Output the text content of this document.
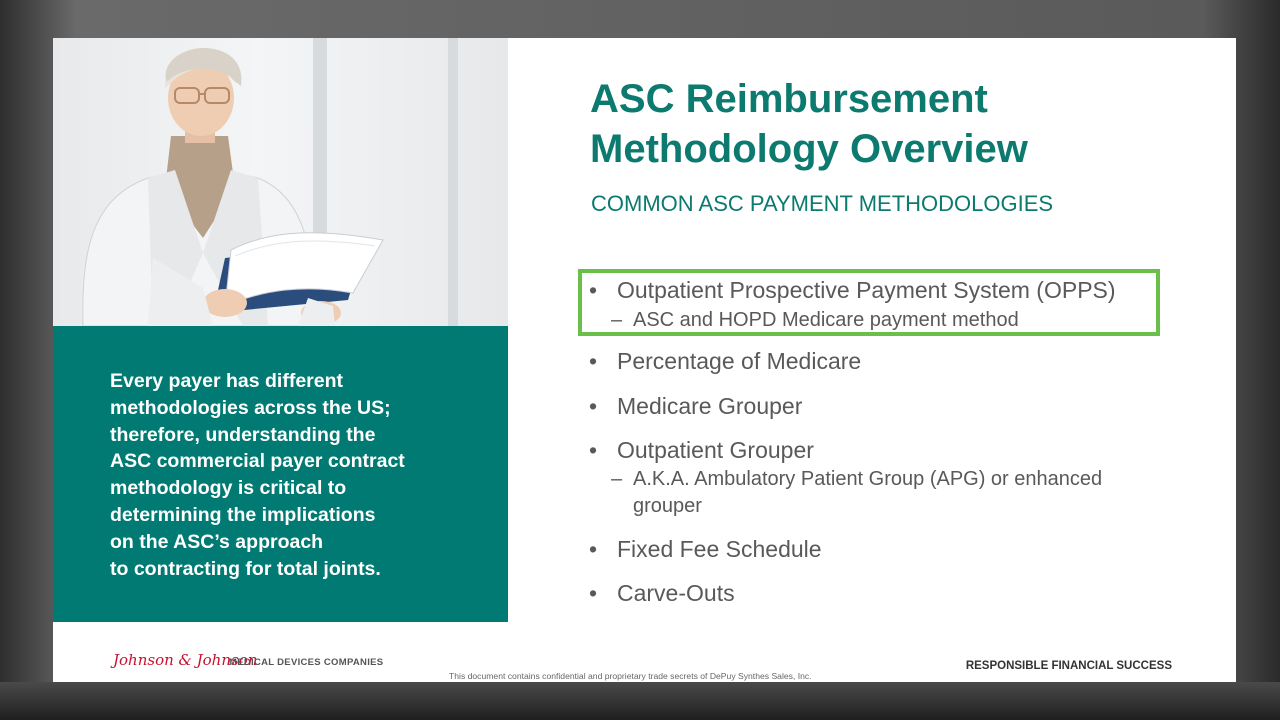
Every payer has different
methodologies across the US;
therefore, understanding the
ASC commercial payer contract
methodology is critical to
determining the implications
on the ASC’s approach
to contracting for total joints.

ASC Reimbursement
Methodology Overview

COMMON ASC PAYMENT METHODOLOGIES

• Outpatient Prospective Payment System (OPPS)
– ASC and HOPD Medicare payment method
• Percentage of Medicare
• Medicare Grouper
• Outpatient Grouper
– A.K.A. Ambulatory Patient Group (APG) or enhanced
grouper
• Fixed Fee Schedule
• Carve-Outs
Johnson & Johnson
MEDICAL DEVICES COMPANIES
This document contains confidential and proprietary trade secrets of DePuy Synthes Sales, Inc.
RESPONSIBLE FINANCIAL SUCCESS
